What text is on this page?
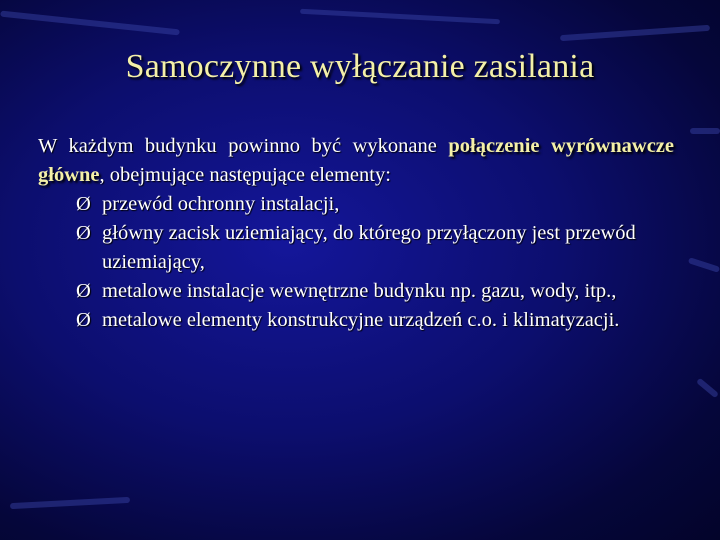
Samoczynne wyłączanie zasilania

W każdym budynku powinno być wykonane połączenie wyrównawcze główne, obejmujące następujące elementy:

Ø przewód ochronny instalacji,

Ø główny zacisk uziemiający, do którego przyłączony jest przewód uziemiający,

Ø metalowe instalacje wewnętrzne budynku np. gazu, wody, itp.,

Ø metalowe elementy konstrukcyjne urządzeń c.o. i klimatyzacji.
